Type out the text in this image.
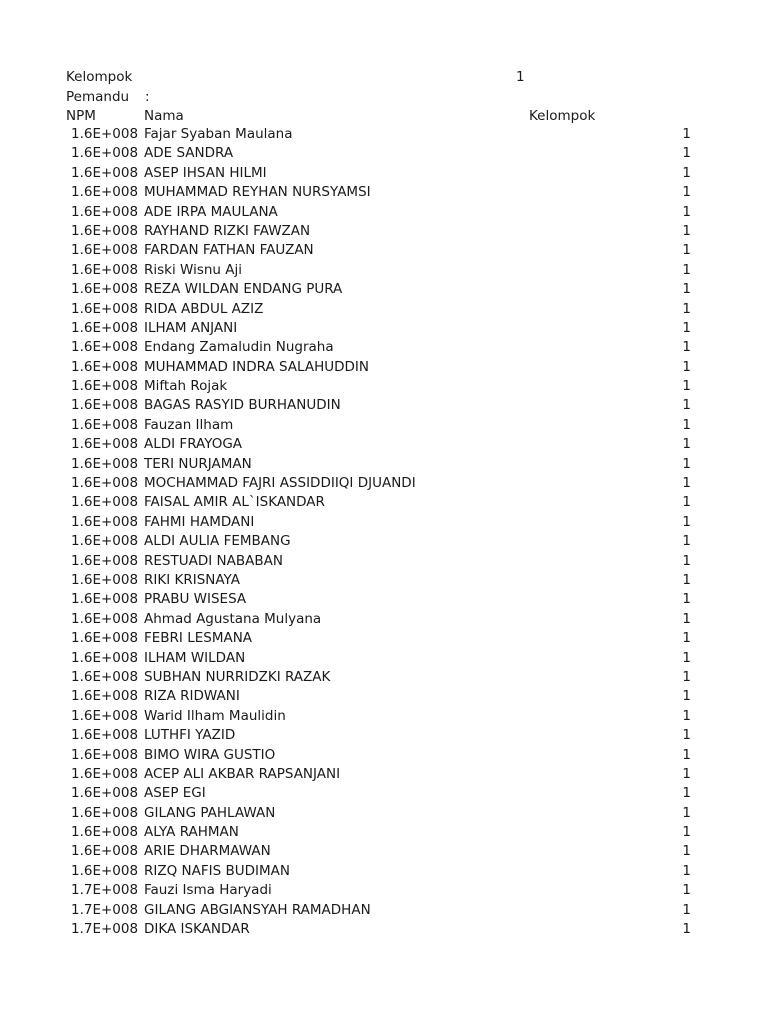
Kelompok	1
Pemandu :
NPM	Nama	Kelompok
1.6E+008 Fajar Syaban Maulana	1
1.6E+008 ADE SANDRA	1
1.6E+008 ASEP IHSAN HILMI	1
1.6E+008 MUHAMMAD REYHAN NURSYAMSI	1
1.6E+008 ADE IRPA MAULANA	1
1.6E+008 RAYHAND RIZKI FAWZAN	1
1.6E+008 FARDAN FATHAN FAUZAN	1
1.6E+008 Riski Wisnu Aji	1
1.6E+008 REZA WILDAN ENDANG PURA	1
1.6E+008 RIDA ABDUL AZIZ	1
1.6E+008 ILHAM ANJANI	1
1.6E+008 Endang Zamaludin Nugraha	1
1.6E+008 MUHAMMAD INDRA SALAHUDDIN	1
1.6E+008 Miftah Rojak	1
1.6E+008 BAGAS RASYID BURHANUDIN	1
1.6E+008 Fauzan Ilham	1
1.6E+008 ALDI FRAYOGA	1
1.6E+008 TERI NURJAMAN	1
1.6E+008 MOCHAMMAD FAJRI ASSIDDIIQI DJUANDI	1
1.6E+008 FAISAL AMIR AL`ISKANDAR	1
1.6E+008 FAHMI HAMDANI	1
1.6E+008 ALDI AULIA FEMBANG	1
1.6E+008 RESTUADI NABABAN	1
1.6E+008 RIKI KRISNAYA	1
1.6E+008 PRABU WISESA	1
1.6E+008 Ahmad Agustana Mulyana	1
1.6E+008 FEBRI LESMANA	1
1.6E+008 ILHAM WILDAN	1
1.6E+008 SUBHAN NURRIDZKI RAZAK	1
1.6E+008 RIZA RIDWANI	1
1.6E+008 Warid Ilham Maulidin	1
1.6E+008 LUTHFI YAZID	1
1.6E+008 BIMO WIRA GUSTIO	1
1.6E+008 ACEP ALI AKBAR RAPSANJANI	1
1.6E+008 ASEP EGI	1
1.6E+008 GILANG PAHLAWAN	1
1.6E+008 ALYA RAHMAN	1
1.6E+008 ARIE DHARMAWAN	1
1.6E+008 RIZQ NAFIS BUDIMAN	1
1.7E+008 Fauzi Isma Haryadi	1
1.7E+008 GILANG ABGIANSYAH RAMADHAN	1
1.7E+008 DIKA ISKANDAR	1
